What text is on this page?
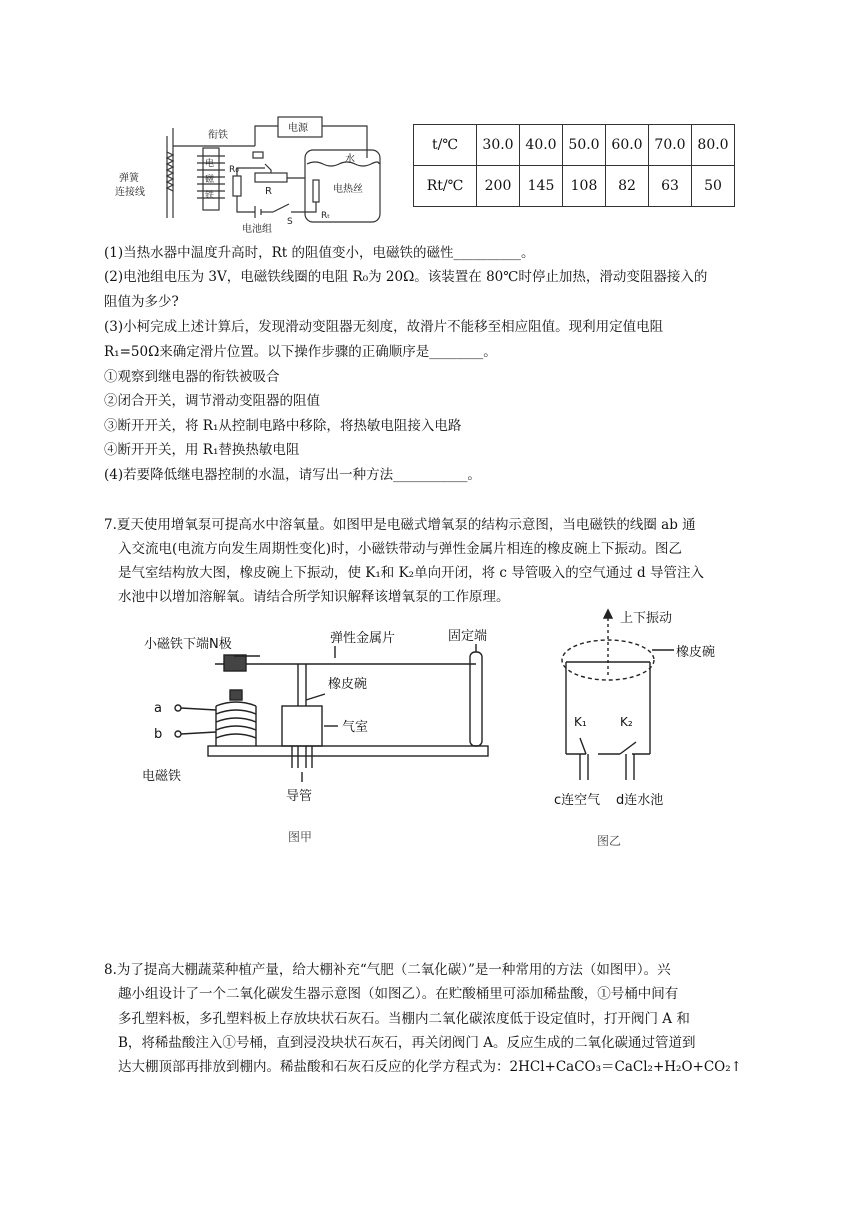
电源
衔铁
弹簧
连接线
电
磁
铁
R₀
R
水
电热丝
S
Rₜ
电池组
t/℃	30.0	40.0	50.0	60.0	70.0	80.0
Rt/℃	200	145	108	82	63	50
(1)当热水器中温度升高时，Rt 的阻值变小，电磁铁的磁性__________。
(2)电池组电压为 3V，电磁铁线圈的电阻 R₀为 20Ω。该装置在 80℃时停止加热，滑动变阻器接入的
阻值为多少?
(3)小柯完成上述计算后，发现滑动变阻器无刻度，故滑片不能移至相应阻值。现利用定值电阻
R₁=50Ω来确定滑片位置。以下操作步骤的正确顺序是________。
①观察到继电器的衔铁被吸合
②闭合开关，调节滑动变阻器的阻值
③断开开关，将 R₁从控制电路中移除，将热敏电阻接入电路
④断开开关，用 R₁替换热敏电阻
(4)若要降低继电器控制的水温，请写出一种方法___________。
7.夏天使用增氧泵可提高水中溶氧量。如图甲是电磁式增氧泵的结构示意图，当电磁铁的线圈 ab 通
入交流电(电流方向发生周期性变化)时，小磁铁带动与弹性金属片相连的橡皮碗上下振动。图乙
是气室结构放大图，橡皮碗上下振动，使 K₁和 K₂单向开闭，将 c 导管吸入的空气通过 d 导管注入
水池中以增加溶解氧。请结合所学知识解释该增氧泵的工作原理。
小磁铁下端N极	弹性金属片	固定端
橡皮碗
a
b	气室
电磁铁
导管
图甲
上下振动
橡皮碗
K₁	K₂
c连空气 d连水池
图乙
8.为了提高大棚蔬菜种植产量，给大棚补充“气肥（二氧化碳）”是一种常用的方法（如图甲）。兴
趣小组设计了一个二氧化碳发生器示意图（如图乙）。在贮酸桶里可添加稀盐酸，①号桶中间有
多孔塑料板，多孔塑料板上存放块状石灰石。当棚内二氧化碳浓度低于设定值时，打开阀门 A 和
B，将稀盐酸注入①号桶，直到浸没块状石灰石，再关闭阀门 A。反应生成的二氧化碳通过管道到
达大棚顶部再排放到棚内。稀盐酸和石灰石反应的化学方程式为：2HCl+CaCO₃＝CaCl₂+H₂O+CO₂↑
